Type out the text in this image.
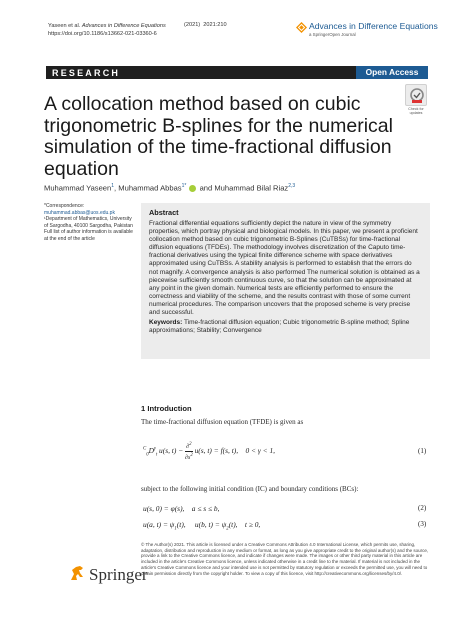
Yaseen et al. Advances in Difference Equations
https://doi.org/10.1186/s13662-021-03360-6
(2021) 2021:210	Advances in Difference Equations
a SpringerOpen Journal
RESEARCH	Open Access
Check for updates
A collocation method based on cubic trigonometric B-splines for the numerical simulation of the time-fractional diffusion equation
Muhammad Yaseen$^1$, Muhammad Abbas$^{1*}$  and Muhammad Bilal Riaz$^{2,3}$
*Correspondence:
muhammad.abbas@uos.edu.pk
¹Department of Mathematics, University of Sargodha, 40100 Sargodha, Pakistan
Full list of author information is available at the end of the article
Abstract
Fractional differential equations sufficiently depict the nature in view of the symmetry properties, which portray physical and biological models. In this paper, we present a proficient collocation method based on cubic trigonometric B-Splines (CuTBSs) for time-fractional diffusion equations (TFDEs). The methodology involves discretization of the Caputo time-fractional derivatives using the typical finite difference scheme with space derivatives approximated using CuTBSs. A stability analysis is performed to establish that the errors do not magnify. A convergence analysis is also performed The numerical solution is obtained as a piecewise sufficiently smooth continuous curve, so that the solution can be approximated at any point in the given domain. Numerical tests are efficiently performed to ensure the correctness and viability of the scheme, and the results contrast with those of some current numerical procedures. The comparison uncovers that the proposed scheme is very precise and successful.
Keywords: Time-fractional diffusion equation; Cubic trigonometric B-spline method; Spline approximations; Stability; Convergence
1 Introduction
The time-fractional diffusion equation (TFDE) is given as
$^C_0D^\gamma_t$ u(s, $t) - \frac{\partial^2}{\partial s^2} u(s$, t) = f(s, t),    0 < γ < 1,	(1)
subject to the following initial condition (IC) and boundary conditions (BCs):
u(s, 0) = φ(s),    a ≤ s ≤ b,	(2)
u(a, $t) = \psi_1(t)$,     u(b, $t) = \psi_2(t)$,    t ≥ 0,	(3)
Springer
© The Author(s) 2021. This article is licensed under a Creative Commons Attribution 4.0 International License, which permits use, sharing, adaptation, distribution and reproduction in any medium or format, as long as you give appropriate credit to the original author(s) and the source, provide a link to the Creative Commons licence, and indicate if changes were made. The images or other third party material in this article are included in the article's Creative Commons licence, unless indicated otherwise in a credit line to the material. If material is not included in the article's Creative Commons licence and your intended use is not permitted by statutory regulation or exceeds the permitted use, you will need to obtain permission directly from the copyright holder. To view a copy of this licence, visit http://creativecommons.org/licenses/by/4.0/.
